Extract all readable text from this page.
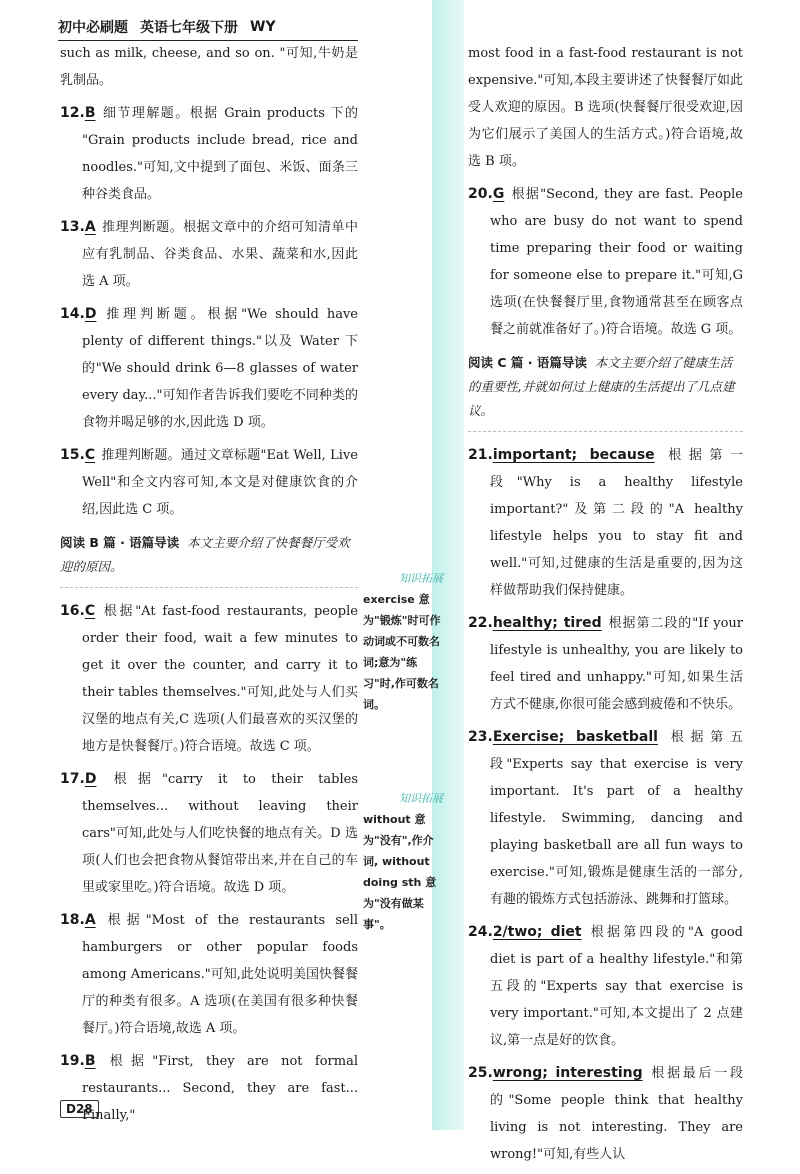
初中必刷题 英语七年级下册 WY

such as milk, cheese, and so on. "可知,牛奶是乳制品。

12.B 细节理解题。根据 Grain products 下的 "Grain products include bread, rice and noodles."可知,文中提到了面包、米饭、面条三种谷类食品。

13.A 推理判断题。根据文章中的介绍可知清单中应有乳制品、谷类食品、水果、蔬菜和水,因此选 A 项。

14.D 推理判断题。根据"We should have plenty of different things."以及 Water 下的"We should drink 6—8 glasses of water every day..."可知作者告诉我们要吃不同种类的食物并喝足够的水,因此选 D 项。

15.C 推理判断题。通过文章标题"Eat Well, Live Well"和全文内容可知,本文是对健康饮食的介绍,因此选 C 项。

阅读 B 篇 · 语篇导读 本文主要介绍了快餐餐厅受欢迎的原因。

16.C 根据"At fast-food restaurants, people order their food, wait a few minutes to get it over the counter, and carry it to their tables themselves."可知,此处与人们买汉堡的地点有关,C 选项(人们最喜欢的买汉堡的地方是快餐餐厅。)符合语境。故选 C 项。

17.D 根据"carry it to their tables themselves... without leaving their cars"可知,此处与人们吃快餐的地点有关。D 选项(人们也会把食物从餐馆带出来,并在自己的车里或家里吃。)符合语境。故选 D 项。

18.A 根据"Most of the restaurants sell hamburgers or other popular foods among Americans."可知,此处说明美国快餐餐厅的种类有很多。A 选项(在美国有很多种快餐餐厅。)符合语境,故选 A 项。

19.B 根据"First, they are not formal restaurants... Second, they are fast... Finally,"

知识拓展
exercise 意为"锻炼"时可作动词或不可数名词;意为"练习"时,作可数名词。
知识拓展
without 意为"没有",作介词, without doing sth 意为"没有做某事"。

most food in a fast-food restaurant is not expensive."可知,本段主要讲述了快餐餐厅如此受人欢迎的原因。B 选项(快餐餐厅很受欢迎,因为它们展示了美国人的生活方式。)符合语境,故选 B 项。

20.G 根据"Second, they are fast. People who are busy do not want to spend time preparing their food or waiting for someone else to prepare it."可知,G 选项(在快餐餐厅里,食物通常甚至在顾客点餐之前就准备好了。)符合语境。故选 G 项。

阅读 C 篇 · 语篇导读 本文主要介绍了健康生活的重要性,并就如何过上健康的生活提出了几点建议。

21.important; because 根据第一段"Why is a healthy lifestyle important?"及第二段的"A healthy lifestyle helps you to stay fit and well."可知,过健康的生活是重要的,因为这样做帮助我们保持健康。

22.healthy; tired 根据第二段的"If your lifestyle is unhealthy, you are likely to feel tired and unhappy."可知,如果生活方式不健康,你很可能会感到疲倦和不快乐。

23.Exercise; basketball 根据第五段"Experts say that exercise is very important. It's part of a healthy lifestyle. Swimming, dancing and playing basketball are all fun ways to exercise."可知,锻炼是健康生活的一部分,有趣的锻炼方式包括游泳、跳舞和打篮球。

24.2/two; diet 根据第四段的"A good diet is part of a healthy lifestyle."和第五段的"Experts say that exercise is very important."可知,本文提出了 2 点建议,第一点是好的饮食。

25.wrong; interesting 根据最后一段的"Some people think that healthy living is not interesting. They are wrong!"可知,有些人认

D28
